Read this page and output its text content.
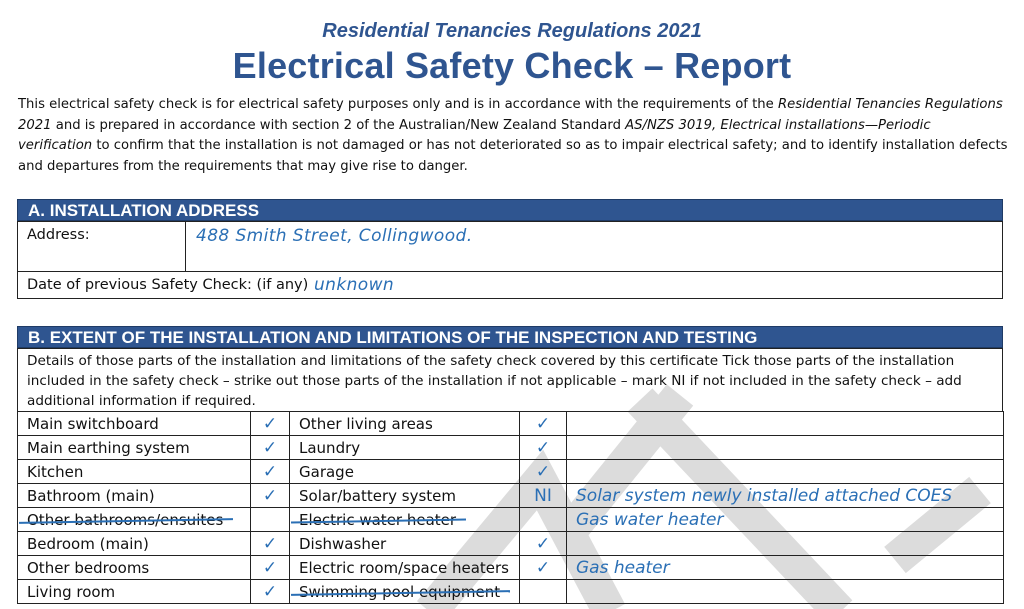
Residential Tenancies Regulations 2021
Electrical Safety Check – Report
This electrical safety check is for electrical safety purposes only and is in accordance with the requirements of the Residential Tenancies Regulations 2021 and is prepared in accordance with section 2 of the Australian/New Zealand Standard AS/NZS 3019, Electrical installations—Periodic verification to confirm that the installation is not damaged or has not deteriorated so as to impair electrical safety; and to identify installation defects and departures from the requirements that may give rise to danger.
A. INSTALLATION ADDRESS
Address:	488 Smith Street, Collingwood.
Date of previous Safety Check: (if any) unknown
B. EXTENT OF THE INSTALLATION AND LIMITATIONS OF THE INSPECTION AND TESTING
Details of those parts of the installation and limitations of the safety check covered by this certificate Tick those parts of the installation included in the safety check – strike out those parts of the installation if not applicable – mark NI if not included in the safety check – add additional information if required.
Main switchboard	✓	Other living areas	✓	
Main earthing system	✓	Laundry	✓	
Kitchen	✓	Garage	✓	
Bathroom (main)	✓	Solar/battery system	NI	Solar system newly installed attached COES
Other bathrooms/ensuites		Electric water heater		Gas water heater
Bedroom (main)	✓	Dishwasher	✓	
Other bedrooms	✓	Electric room/space heaters	✓	Gas heater
Living room	✓	Swimming pool equipment		
